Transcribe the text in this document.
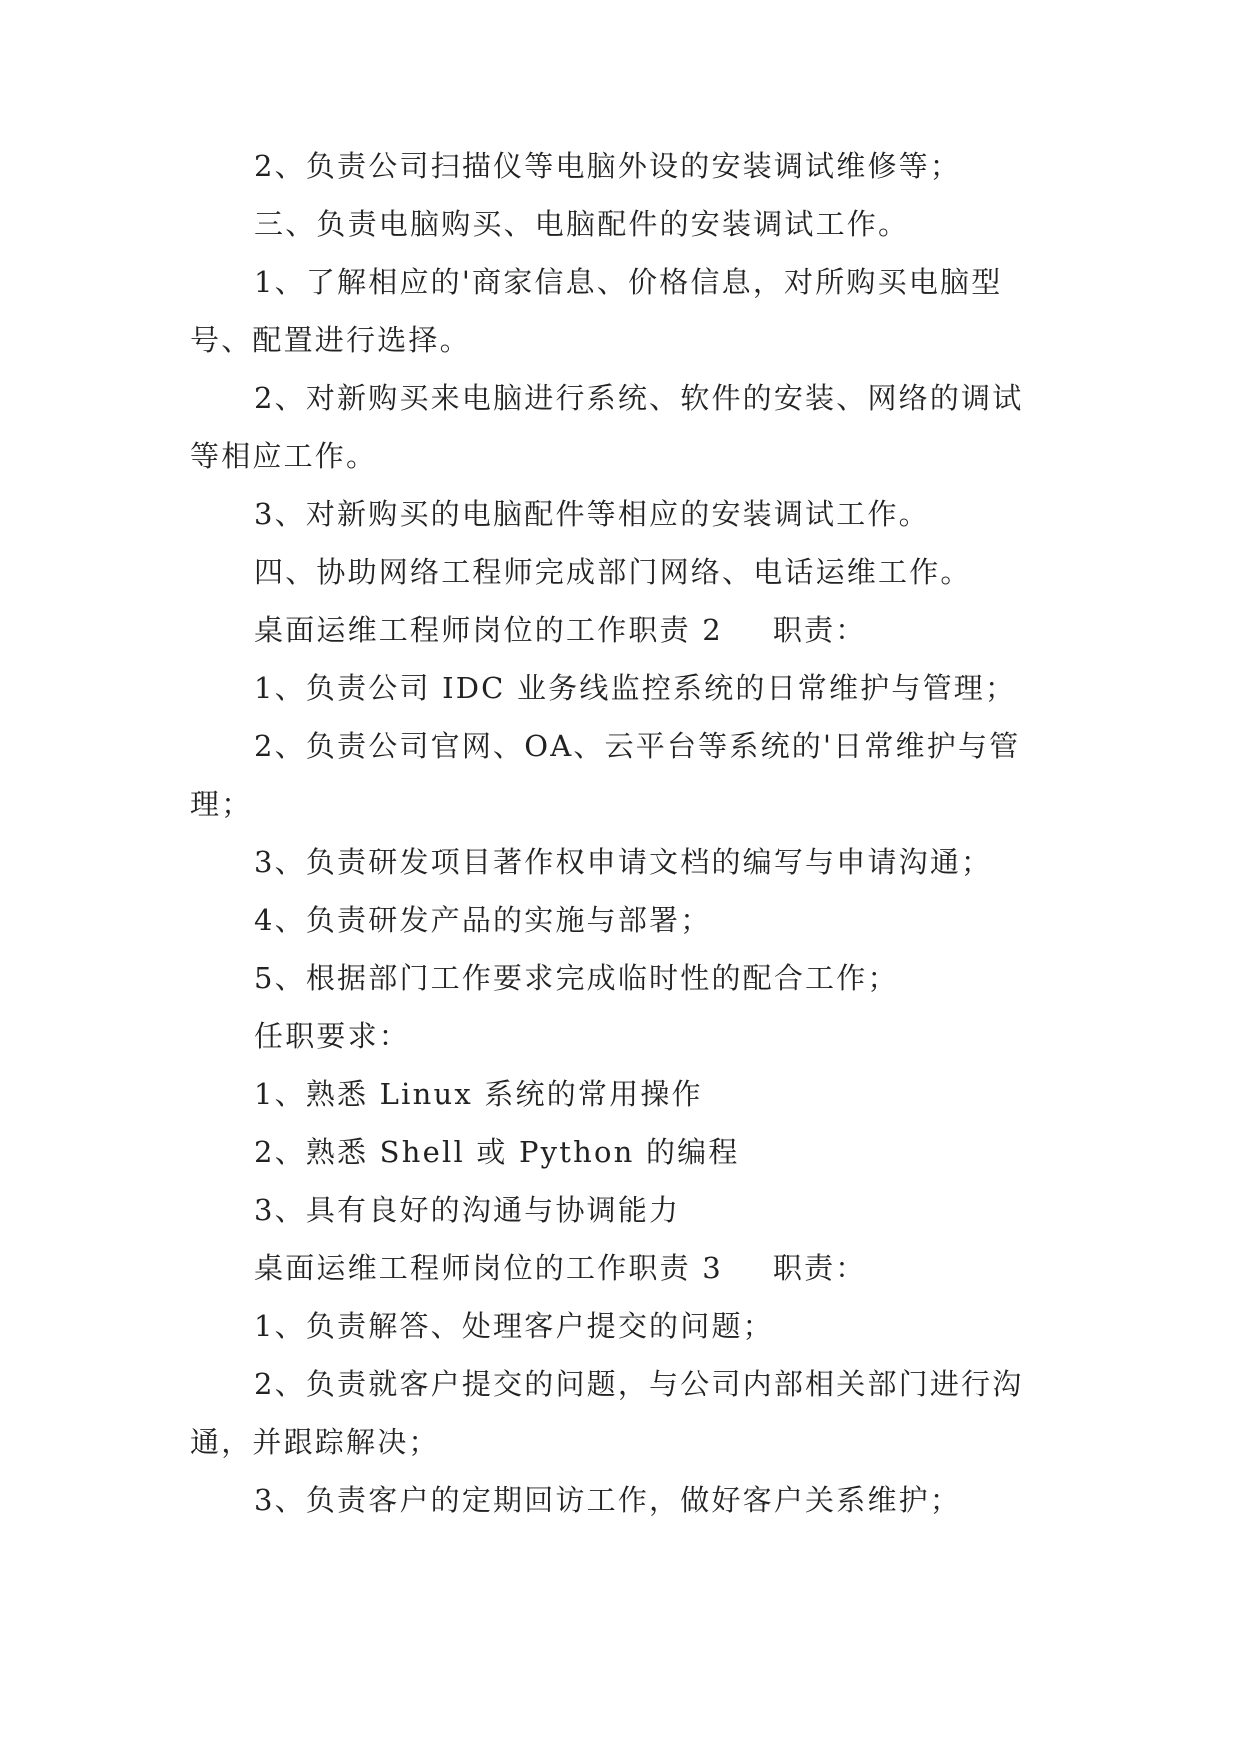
2、负责公司扫描仪等电脑外设的安装调试维修等；

三、负责电脑购买、电脑配件的安装调试工作。

1、了解相应的'商家信息、价格信息，对所购买电脑型号、配置进行选择。

2、对新购买来电脑进行系统、软件的安装、网络的调试等相应工作。

3、对新购买的电脑配件等相应的安装调试工作。

四、协助网络工程师完成部门网络、电话运维工作。

桌面运维工程师岗位的工作职责 2 职责：

1、负责公司 IDC 业务线监控系统的日常维护与管理；

2、负责公司官网、OA、云平台等系统的'日常维护与管理；

3、负责研发项目著作权申请文档的编写与申请沟通；

4、负责研发产品的实施与部署；

5、根据部门工作要求完成临时性的配合工作；

任职要求：

1、熟悉 Linux 系统的常用操作

2、熟悉 Shell 或 Python 的编程

3、具有良好的沟通与协调能力

桌面运维工程师岗位的工作职责 3 职责：

1、负责解答、处理客户提交的问题；

2、负责就客户提交的问题，与公司内部相关部门进行沟通，并跟踪解决；

3、负责客户的定期回访工作，做好客户关系维护；
